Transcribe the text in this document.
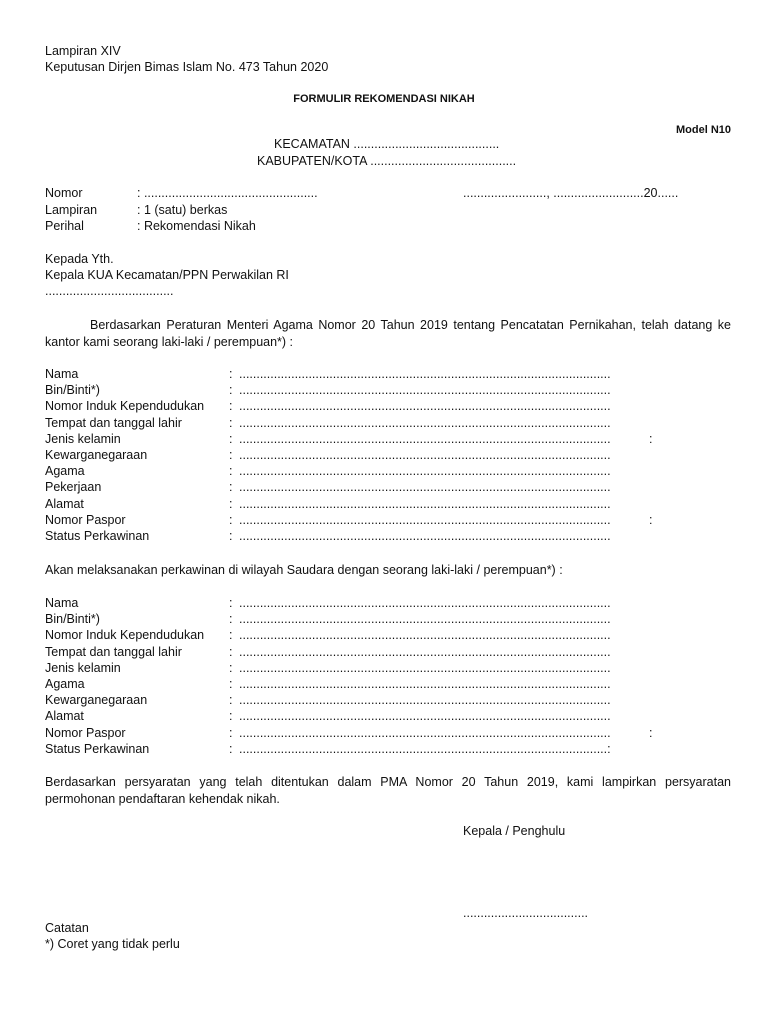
Lampiran XIV
Keputusan Dirjen Bimas Islam No. 473 Tahun 2020
FORMULIR REKOMENDASI NIKAH
Model N10
KECAMATAN ..........................................
KABUPATEN/KOTA ..........................................
Nomor	: ..................................................	........................, ..........................20......
Lampiran	: 1 (satu) berkas
Perihal	: Rekomendasi Nikah
Kepada Yth.
Kepala KUA Kecamatan/PPN Perwakilan RI
.....................................
Berdasarkan Peraturan Menteri Agama Nomor 20 Tahun 2019 tentang Pencatatan Pernikahan, telah datang ke kantor kami seorang laki-laki / perempuan*) :
Nama	: ...........................................................................................................
Bin/Binti*)	: ...........................................................................................................
Nomor Induk Kependudukan : ...........................................................................................................
Tempat dan tanggal lahir	: ...........................................................................................................
Jenis kelamin	: ...........................................................................................................	:
Kewarganegaraan	: ...........................................................................................................
Agama	: ...........................................................................................................
Pekerjaan	: ...........................................................................................................
Alamat	: ...........................................................................................................
Nomor Paspor	: ...........................................................................................................	:
Status Perkawinan	: ...........................................................................................................
Akan melaksanakan perkawinan di wilayah Saudara dengan seorang laki-laki / perempuan*) :
Nama	: ...........................................................................................................
Bin/Binti*)	: ...........................................................................................................
Nomor Induk Kependudukan : ...........................................................................................................
Tempat dan tanggal lahir	: ...........................................................................................................
Jenis kelamin	: ...........................................................................................................
Agama	: ...........................................................................................................
Kewarganegaraan	: ...........................................................................................................
Alamat	: ...........................................................................................................
Nomor Paspor	: ...........................................................................................................	:
Status Perkawinan	: ..........................................................................................................:
Berdasarkan persyaratan yang telah ditentukan dalam PMA Nomor 20 Tahun 2019, kami lampirkan persyaratan permohonan pendaftaran kehendak nikah.
Kepala / Penghulu
....................................
Catatan
*) Coret yang tidak perlu
